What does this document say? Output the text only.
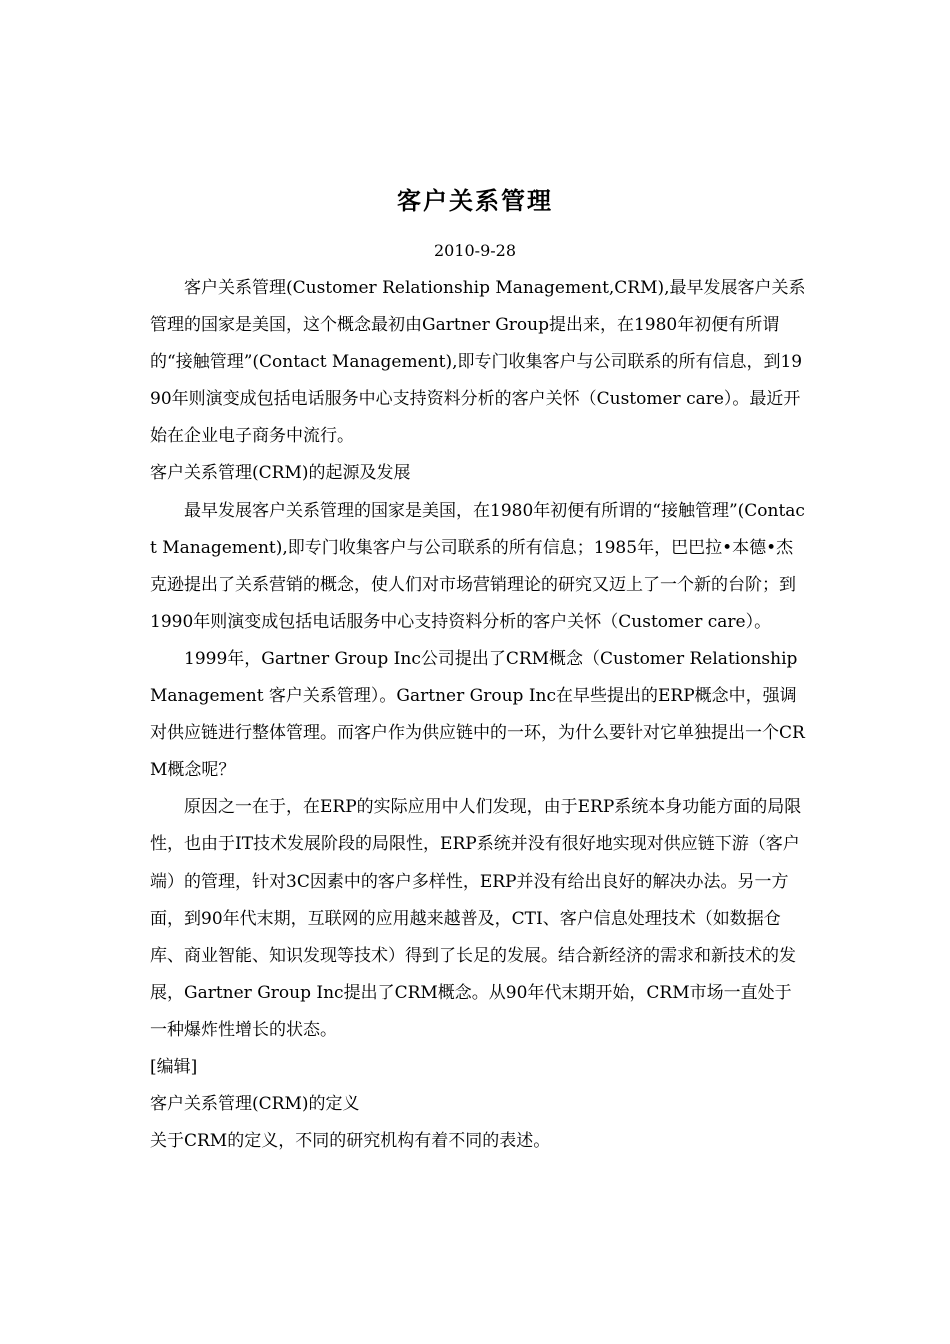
客户关系管理
2010-9-28

客户关系管理(Customer Relationship Management,CRM),最早发展客户关系管理的国家是美国，这个概念最初由Gartner Group提出来，在1980年初便有所谓的“接触管理”(Contact Management),即专门收集客户与公司联系的所有信息，到1990年则演变成包括电话服务中心支持资料分析的客户关怀（Customer care）。最近开始在企业电子商务中流行。

客户关系管理(CRM)的起源及发展

最早发展客户关系管理的国家是美国，在1980年初便有所谓的“接触管理”(Contact Management),即专门收集客户与公司联系的所有信息；1985年，巴巴拉•本德•杰克逊提出了关系营销的概念，使人们对市场营销理论的研究又迈上了一个新的台阶；到1990年则演变成包括电话服务中心支持资料分析的客户关怀（Customer care）。

1999年，Gartner Group Inc公司提出了CRM概念（Customer Relationship Management 客户关系管理）。Gartner Group Inc在早些提出的ERP概念中，强调对供应链进行整体管理。而客户作为供应链中的一环，为什么要针对它单独提出一个CRM概念呢？

原因之一在于，在ERP的实际应用中人们发现，由于ERP系统本身功能方面的局限性，也由于IT技术发展阶段的局限性，ERP系统并没有很好地实现对供应链下游（客户端）的管理，针对3C因素中的客户多样性，ERP并没有给出良好的解决办法。另一方面，到90年代末期，互联网的应用越来越普及，CTI、客户信息处理技术（如数据仓库、商业智能、知识发现等技术）得到了长足的发展。结合新经济的需求和新技术的发展，Gartner Group Inc提出了CRM概念。从90年代末期开始，CRM市场一直处于一种爆炸性增长的状态。

[编辑]

客户关系管理(CRM)的定义

关于CRM的定义，不同的研究机构有着不同的表述。
